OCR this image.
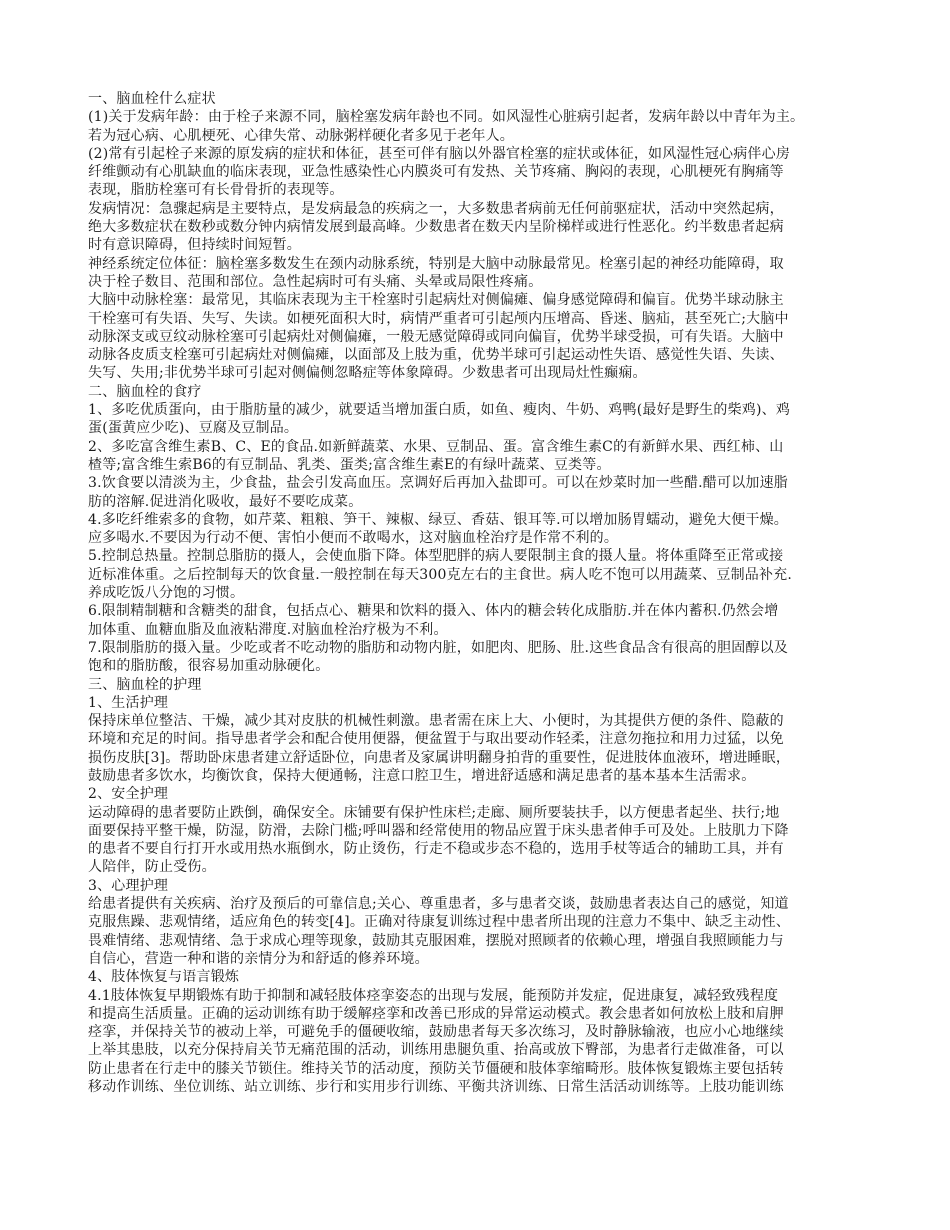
一、脑血栓什么症状
(1)关于发病年龄：由于栓子来源不同，脑栓塞发病年龄也不同。如风湿性心脏病引起者，发病年龄以中青年为主。
若为冠心病、心肌梗死、心律失常、动脉粥样硬化者多见于老年人。
(2)常有引起栓子来源的原发病的症状和体征，甚至可伴有脑以外器官栓塞的症状或体征，如风湿性冠心病伴心房
纤维颤动有心肌缺血的临床表现，亚急性感染性心内膜炎可有发热、关节疼痛、胸闷的表现，心肌梗死有胸痛等
表现，脂肪栓塞可有长骨骨折的表现等。
发病情况：急骤起病是主要特点，是发病最急的疾病之一，大多数患者病前无任何前驱症状，活动中突然起病，
绝大多数症状在数秒或数分钟内病情发展到最高峰。少数患者在数天内呈阶梯样或进行性恶化。约半数患者起病
时有意识障碍，但持续时间短暂。
神经系统定位体征：脑栓塞多数发生在颈内动脉系统，特别是大脑中动脉最常见。栓塞引起的神经功能障碍，取
决于栓子数目、范围和部位。急性起病时可有头痛、头晕或局限性疼痛。
大脑中动脉栓塞：最常见，其临床表现为主干栓塞时引起病灶对侧偏瘫、偏身感觉障碍和偏盲。优势半球动脉主
干栓塞可有失语、失写、失读。如梗死面积大时，病情严重者可引起颅内压增高、昏迷、脑疝，甚至死亡;大脑中
动脉深支或豆纹动脉栓塞可引起病灶对侧偏瘫，一般无感觉障碍或同向偏盲，优势半球受损，可有失语。大脑中
动脉各皮质支栓塞可引起病灶对侧偏瘫，以面部及上肢为重，优势半球可引起运动性失语、感觉性失语、失读、
失写、失用;非优势半球可引起对侧偏侧忽略症等体象障碍。少数患者可出现局灶性癫痫。
二、脑血栓的食疗
1、多吃优质蛋向，由于脂肪量的减少，就要适当增加蛋白质，如鱼、瘦肉、牛奶、鸡鸭(最好是野生的柴鸡)、鸡
蛋(蛋黄应少吃)、豆腐及豆制品。
2、多吃富含维生素B、C、E的食品.如新鲜蔬菜、水果、豆制品、蛋。富含维生素C的有新鲜水果、西红柿、山
楂等;富含维生索B6的有豆制品、乳类、蛋类;富含维生素E的有绿叶蔬菜、豆类等。
3.饮食要以清淡为主，少食盐，盐会引发高血压。烹调好后再加入盐即可。可以在炒菜时加一些醋.醋可以加速脂
肪的溶解.促进消化吸收，最好不要吃成菜。
4.多吃纤维索多的食物，如芹菜、粗粮、笋干、辣椒、绿豆、香菇、银耳等.可以增加肠胃蠕动，避免大便干燥。
应多喝水.不要因为行动不便、害怕小便而不敢喝水，这对脑血栓治疗是作常不利的。
5.控制总热量。控制总脂肪的摄人，会使血脂下降。体型肥胖的病人要限制主食的摄人量。将体重降至正常或接
近标准体重。之后控制每天的饮食量.一般控制在每天300克左右的主食世。病人吃不饱可以用蔬菜、豆制品补充.
养成吃饭八分饱的习惯。
6.限制精制糖和含糖类的甜食，包括点心、糖果和饮料的摄入、体内的糖会转化成脂肪.并在体内蓄积.仍然会增
加体重、血糖血脂及血液粘滞度.对脑血栓治疗极为不利。
7.限制脂肪的摄入量。少吃或者不吃动物的脂肪和动物内脏，如肥肉、肥肠、肚.这些食品含有很高的胆固醇以及
饱和的脂肪酸，很容易加重动脉硬化。
三、脑血栓的护理
1、生活护理
保持床单位整洁、干燥，减少其对皮肤的机械性刺激。患者需在床上大、小便时，为其提供方便的条件、隐蔽的
环境和充足的时间。指导患者学会和配合使用便器，便盆置于与取出要动作轻柔，注意勿拖拉和用力过猛，以免
损伤皮肤[3]。帮助卧床患者建立舒适卧位，向患者及家属讲明翻身拍背的重要性，促进肢体血液环，增进睡眠，
鼓励患者多饮水，均衡饮食，保持大便通畅，注意口腔卫生，增进舒适感和满足患者的基本基本生活需求。
2、安全护理
运动障碍的患者要防止跌倒，确保安全。床铺要有保护性床栏;走廊、厕所要装扶手，以方便患者起坐、扶行;地
面要保持平整干燥，防湿，防滑，去除门槛;呼叫器和经常使用的物品应置于床头患者伸手可及处。上肢肌力下降
的患者不要自行打开水或用热水瓶倒水，防止烫伤，行走不稳或步态不稳的，选用手杖等适合的辅助工具，并有
人陪伴，防止受伤。
3、心理护理
给患者提供有关疾病、治疗及预后的可靠信息;关心、尊重患者，多与患者交谈，鼓励患者表达自己的感觉，知道
克服焦躁、悲观情绪，适应角色的转变[4]。正确对待康复训练过程中患者所出现的注意力不集中、缺乏主动性、
畏难情绪、悲观情绪、急于求成心理等现象，鼓励其克服困难，摆脱对照顾者的依赖心理，增强自我照顾能力与
自信心，营造一种和谐的亲情分为和舒适的修养环境。
4、肢体恢复与语言锻炼
4.1肢体恢复早期锻炼有助于抑制和减轻肢体痉挛姿态的出现与发展，能预防并发症，促进康复，减轻致残程度
和提高生活质量。正确的运动训练有助于缓解痉挛和改善已形成的异常运动模式。教会患者如何放松上肢和肩胛
痉挛，并保持关节的被动上举，可避免手的僵硬收缩，鼓励患者每天多次练习，及时静脉输液，也应小心地继续
上举其患肢，以充分保持肩关节无痛范围的活动，训练用患腿负重、抬高或放下臀部，为患者行走做准备，可以
防止患者在行走中的膝关节锁住。维持关节的活动度，预防关节僵硬和肢体挛缩畸形。肢体恢复锻炼主要包括转
移动作训练、坐位训练、站立训练、步行和实用步行训练、平衡共济训练、日常生活活动训练等。上肢功能训练
